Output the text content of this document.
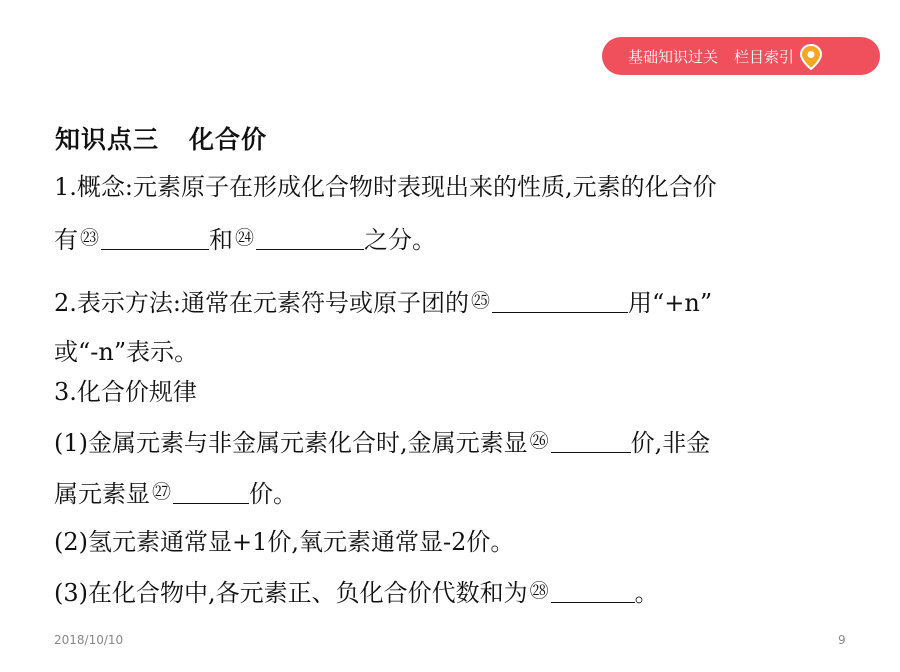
基础知识过关 栏目索引
知识点三 化合价
1.概念:元素原子在形成化合物时表现出来的性质,元素的化合价
有 ㉓	和 ㉔	之分。
2.表示方法:通常在元素符号或原子团的 ㉕	用“+n”
或“-n”表示。
3.化合价规律
(1)金属元素与非金属元素化合时,金属元素显 ㉖	价,非金
属元素显 ㉗	价。
(2)氢元素通常显+1价,氧元素通常显-2价。
(3)在化合物中,各元素正、负化合价代数和为 ㉘	。
2018/10/10	9
